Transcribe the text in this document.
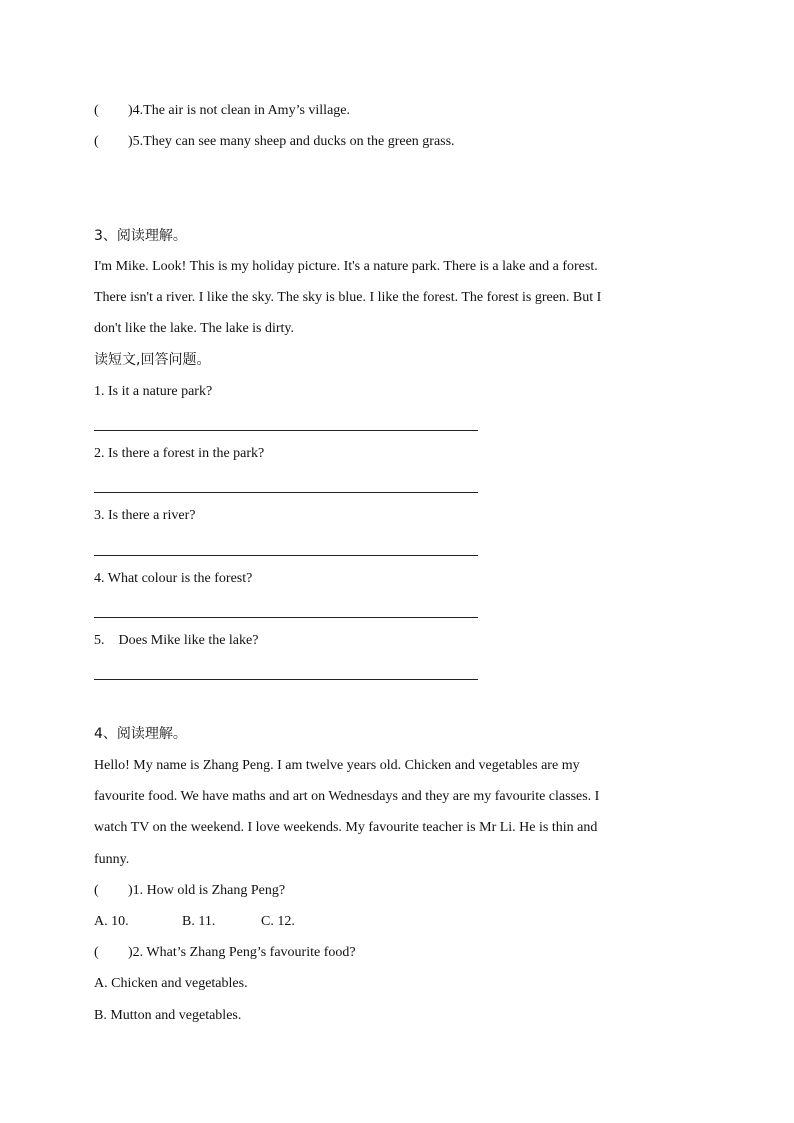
( )4.The air is not clean in Amy’s village.
( )5.They can see many sheep and ducks on the green grass.
3、阅读理解。
I'm Mike. Look! This is my holiday picture. It's a nature park. There is a lake and a forest.
There isn't a river. I like the sky. The sky is blue. I like the forest. The forest is green. But I
don't like the lake. The lake is dirty.
读短文,回答问题。
1. Is it a nature park?
2. Is there a forest in the park?
3. Is there a river?
4. What colour is the forest?
5.    Does Mike like the lake?
4、阅读理解。
Hello! My name is Zhang Peng. I am twelve years old. Chicken and vegetables are my
favourite food. We have maths and art on Wednesdays and they are my favourite classes. I
watch TV on the weekend. I love weekends. My favourite teacher is Mr Li. He is thin and
funny.
( )1. How old is Zhang Peng?
A. 10.	B. 11.	C. 12.
( )2. What’s Zhang Peng’s favourite food?
A. Chicken and vegetables.
B. Mutton and vegetables.
